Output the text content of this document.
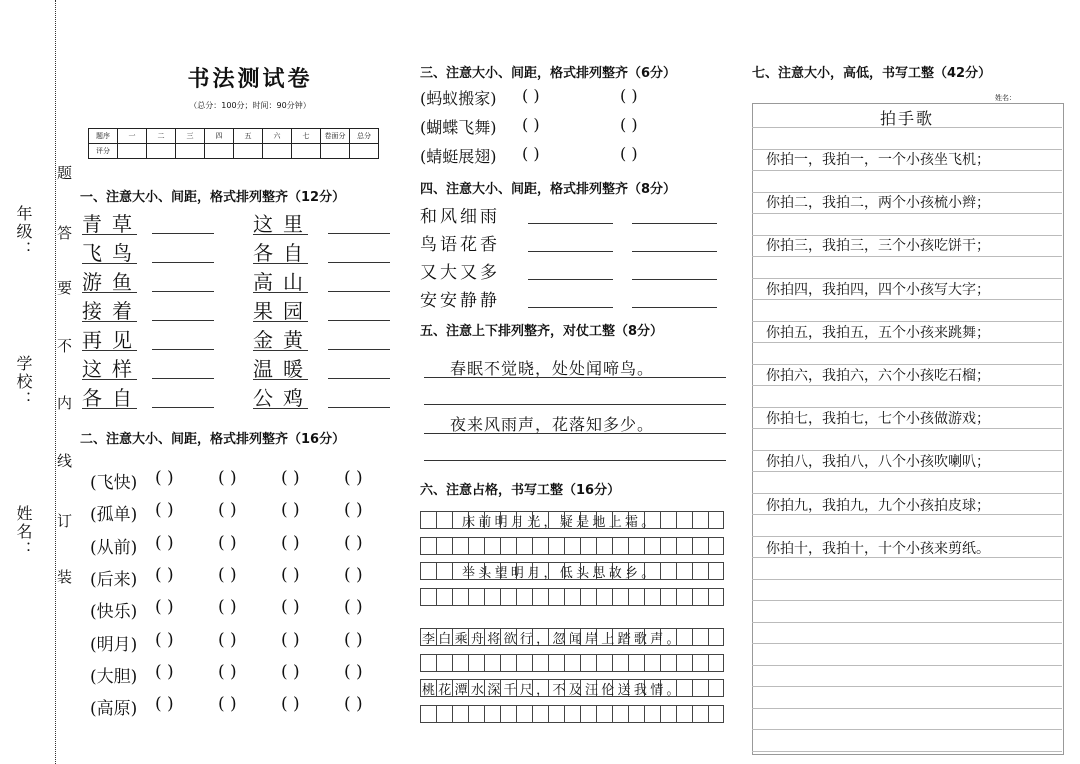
年级：
学校：
姓名：
题
答
要
不
内
线
订
装
书法测试卷
（总分：100分；时间：90分钟）
题序	一	二	三	四	五	六	七	卷面分	总分
评分									
一、注意大小、间距，格式排列整齐（12分）
青草	这里
飞鸟	各自
游鱼	高山
接着	果园
再见	金黄
这样	温暖
各自	公鸡
二、注意大小、间距，格式排列整齐（16分）
(飞快) ( )	( )	( )	( )
(孤单) ( )	( )	( )	( )
(从前) ( )	( )	( )	( )
(后来) ( )	( )	( )	( )
(快乐) ( )	( )	( )	( )
(明月) ( )	( )	( )	( )
(大胆) ( )	( )	( )	( )
(高原) ( )	( )	( )	( )
三、注意大小、间距，格式排列整齐（6分）
(蚂蚁搬家) ( )	( )
(蝴蝶飞舞) ( )	( )
(蜻蜓展翅) ( )	( )
四、注意大小、间距，格式排列整齐（8分）
和风细雨
鸟语花香
又大又多
安安静静
五、注意上下排列整齐，对仗工整（8分）
春眠不觉晓，处处闻啼鸟。
夜来风雨声，花落知多少。
六、注意占格，书写工整（16分）
床前明月光，疑是地上霜。
举头望明月，低头思故乡。
李白乘舟将欲行，忽闻岸上踏歌声。
桃花潭水深千尺，不及汪伦送我情。
七、注意大小，高低，书写工整（42分）
姓名：
拍手歌
你拍一，我拍一，一个小孩坐飞机；
你拍二，我拍二，两个小孩梳小辫；
你拍三，我拍三，三个小孩吃饼干；
你拍四，我拍四，四个小孩写大字；
你拍五，我拍五，五个小孩来跳舞；
你拍六，我拍六，六个小孩吃石榴；
你拍七，我拍七，七个小孩做游戏；
你拍八，我拍八，八个小孩吹喇叭；
你拍九，我拍九，九个小孩拍皮球；
你拍十，我拍十，十个小孩来剪纸。
